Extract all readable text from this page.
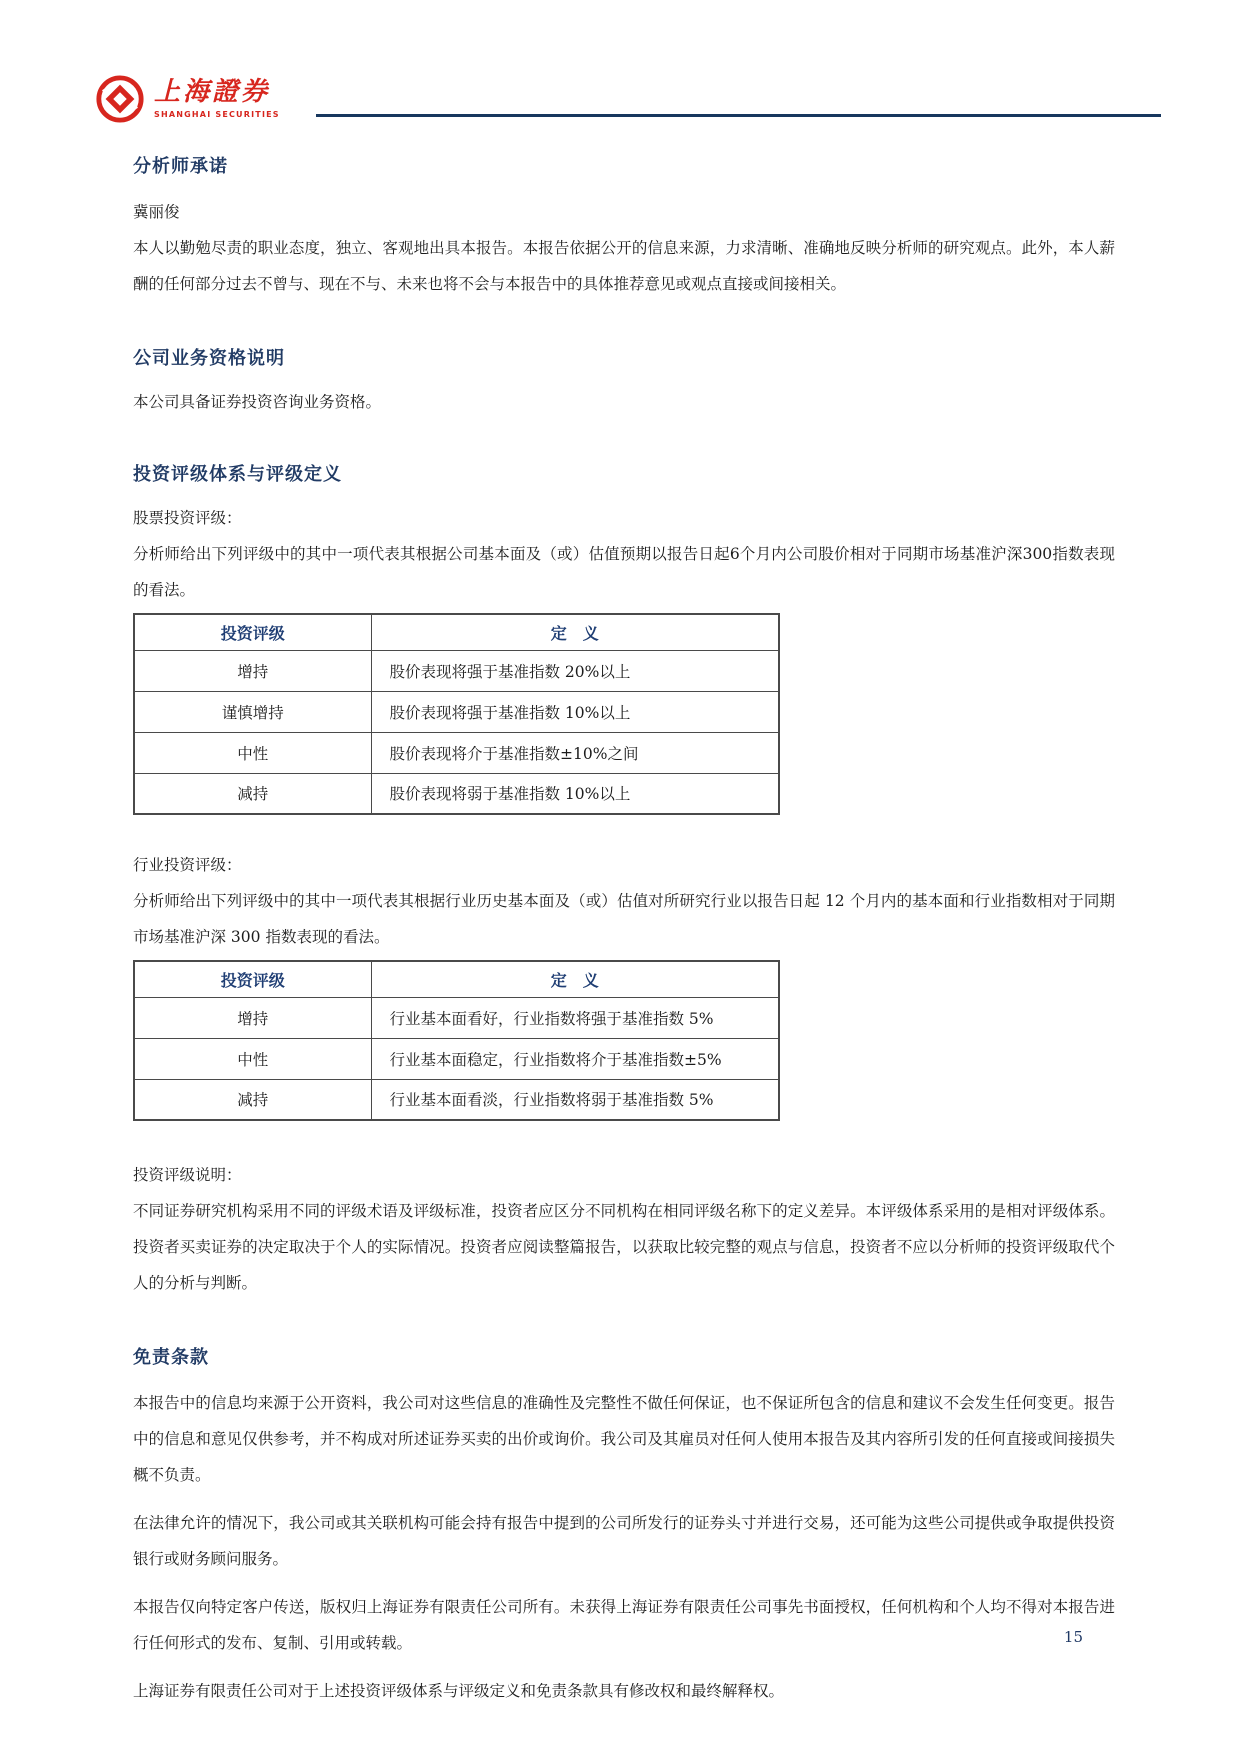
上海證券
SHANGHAI SECURITIES
分析师承诺
冀丽俊

本人以勤勉尽责的职业态度，独立、客观地出具本报告。本报告依据公开的信息来源，力求清晰、准确地反映分析师的研究观点。此外，本人薪酬的任何部分过去不曾与、现在不与、未来也将不会与本报告中的具体推荐意见或观点直接或间接相关。

公司业务资格说明

本公司具备证券投资咨询业务资格。

投资评级体系与评级定义
股票投资评级：

分析师给出下列评级中的其中一项代表其根据公司基本面及（或）估值预期以报告日起6个月内公司股价相对于同期市场基准沪深300指数表现的看法。

投资评级	定　义
增持	股价表现将强于基准指数 20%以上
谨慎增持	股价表现将强于基准指数 10%以上
中性	股价表现将介于基准指数±10%之间
减持	股价表现将弱于基准指数 10%以上
行业投资评级：

分析师给出下列评级中的其中一项代表其根据行业历史基本面及（或）估值对所研究行业以报告日起 12 个月内的基本面和行业指数相对于同期市场基准沪深 300 指数表现的看法。

投资评级	定　义
增持	行业基本面看好，行业指数将强于基准指数 5%
中性	行业基本面稳定，行业指数将介于基准指数±5%
减持	行业基本面看淡，行业指数将弱于基准指数 5%
投资评级说明：

不同证券研究机构采用不同的评级术语及评级标准，投资者应区分不同机构在相同评级名称下的定义差异。本评级体系采用的是相对评级体系。投资者买卖证券的决定取决于个人的实际情况。投资者应阅读整篇报告，以获取比较完整的观点与信息，投资者不应以分析师的投资评级取代个人的分析与判断。

免责条款

本报告中的信息均来源于公开资料，我公司对这些信息的准确性及完整性不做任何保证，也不保证所包含的信息和建议不会发生任何变更。报告中的信息和意见仅供参考，并不构成对所述证券买卖的出价或询价。我公司及其雇员对任何人使用本报告及其内容所引发的任何直接或间接损失概不负责。

在法律允许的情况下，我公司或其关联机构可能会持有报告中提到的公司所发行的证券头寸并进行交易，还可能为这些公司提供或争取提供投资银行或财务顾问服务。

本报告仅向特定客户传送，版权归上海证券有限责任公司所有。未获得上海证券有限责任公司事先书面授权，任何机构和个人均不得对本报告进行任何形式的发布、复制、引用或转载。

上海证券有限责任公司对于上述投资评级体系与评级定义和免责条款具有修改权和最终解释权。

15
